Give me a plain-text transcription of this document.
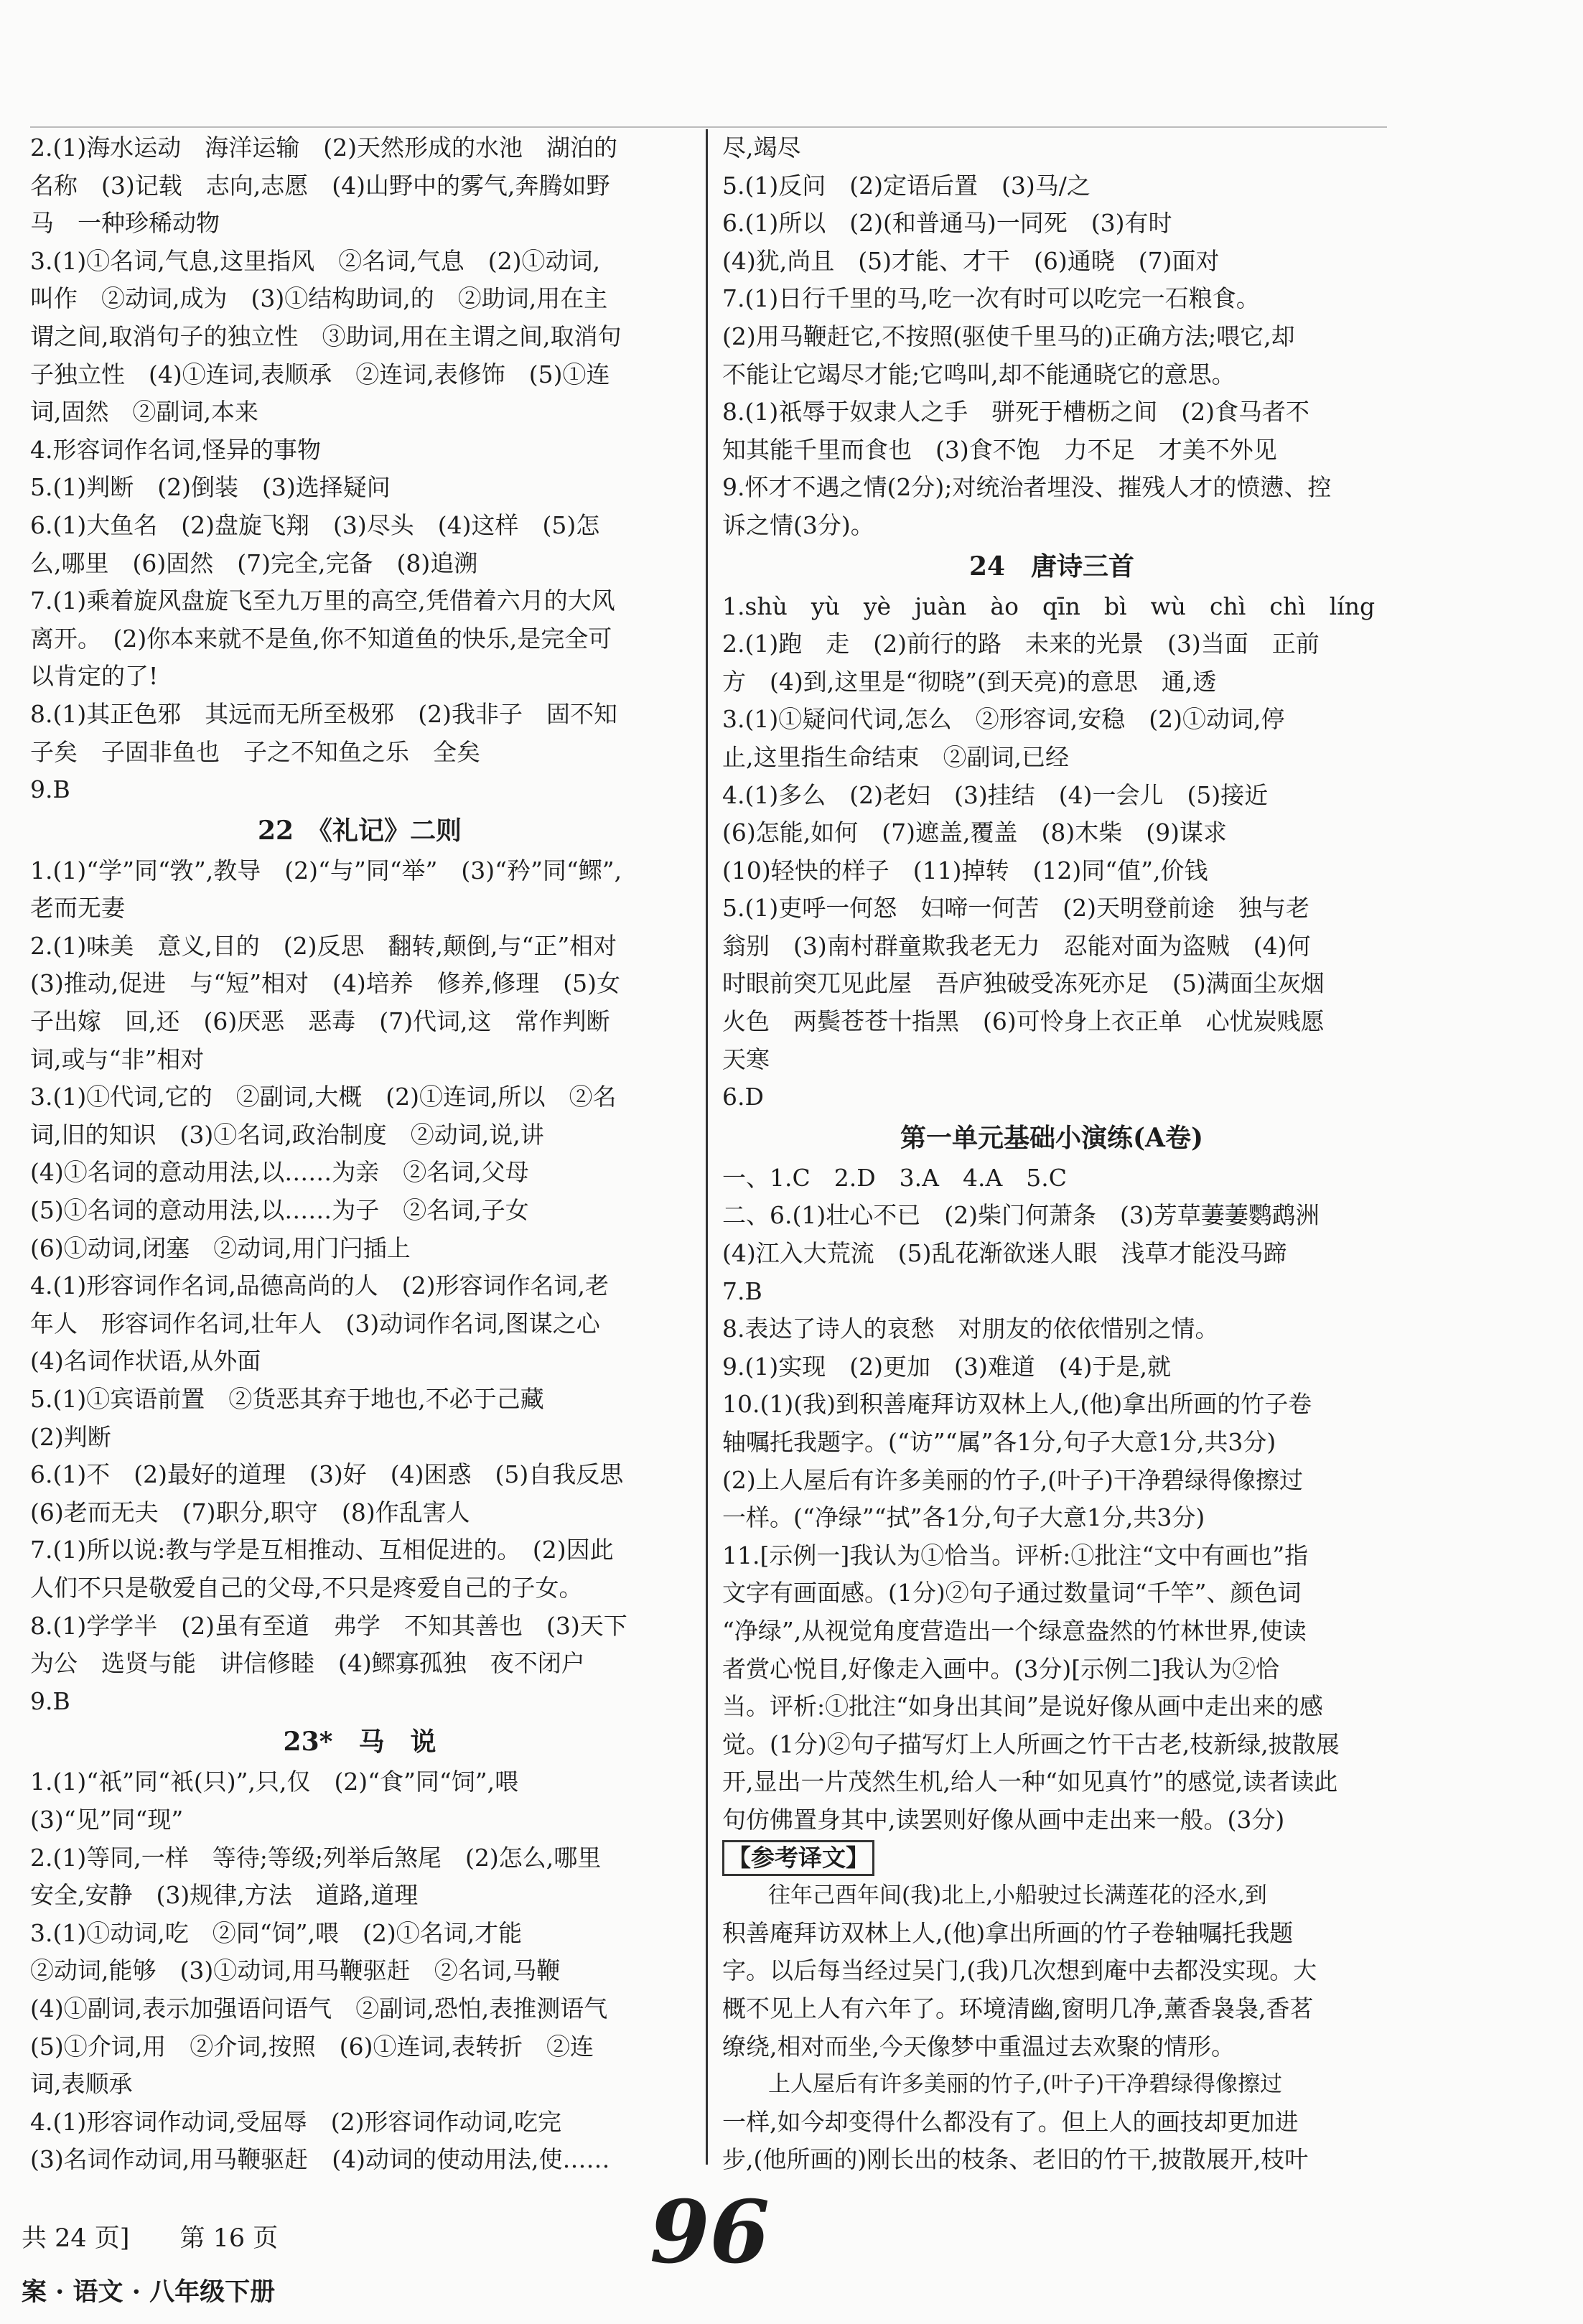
2.(1)海水运动　海洋运输　(2)天然形成的水池　湖泊的
名称　(3)记载　志向,志愿　(4)山野中的雾气,奔腾如野
马　一种珍稀动物
3.(1)①名词,气息,这里指风　②名词,气息　(2)①动词,
叫作　②动词,成为　(3)①结构助词,的　②助词,用在主
谓之间,取消句子的独立性　③助词,用在主谓之间,取消句
子独立性　(4)①连词,表顺承　②连词,表修饰　(5)①连
词,固然　②副词,本来
4.形容词作名词,怪异的事物
5.(1)判断　(2)倒装　(3)选择疑问
6.(1)大鱼名　(2)盘旋飞翔　(3)尽头　(4)这样　(5)怎
么,哪里　(6)固然　(7)完全,完备　(8)追溯
7.(1)乘着旋风盘旋飞至九万里的高空,凭借着六月的大风
离开。　(2)你本来就不是鱼,你不知道鱼的快乐,是完全可
以肯定的了!
8.(1)其正色邪　其远而无所至极邪　(2)我非子　固不知
子矣　子固非鱼也　子之不知鱼之乐　全矣
9.B
22　《礼记》二则
1.(1)“学”同“敩”,教导　(2)“与”同“举”　(3)“矜”同“鳏”,
老而无妻
2.(1)味美　意义,目的　(2)反思　翻转,颠倒,与“正”相对
(3)推动,促进　与“短”相对　(4)培养　修养,修理　(5)女
子出嫁　回,还　(6)厌恶　恶毒　(7)代词,这　常作判断
词,或与“非”相对
3.(1)①代词,它的　②副词,大概　(2)①连词,所以　②名
词,旧的知识　(3)①名词,政治制度　②动词,说,讲
(4)①名词的意动用法,以……为亲　②名词,父母
(5)①名词的意动用法,以……为子　②名词,子女
(6)①动词,闭塞　②动词,用门闩插上
4.(1)形容词作名词,品德高尚的人　(2)形容词作名词,老
年人　形容词作名词,壮年人　(3)动词作名词,图谋之心
(4)名词作状语,从外面
5.(1)①宾语前置　②货恶其弃于地也,不必于己藏
(2)判断
6.(1)不　(2)最好的道理　(3)好　(4)困惑　(5)自我反思
(6)老而无夫　(7)职分,职守　(8)作乱害人
7.(1)所以说:教与学是互相推动、互相促进的。　(2)因此
人们不只是敬爱自己的父母,不只是疼爱自己的子女。
8.(1)学学半　(2)虽有至道　弗学　不知其善也　(3)天下
为公　选贤与能　讲信修睦　(4)鳏寡孤独　夜不闭户
9.B
23*　马　说
1.(1)“祇”同“衹(只)”,只,仅　(2)“食”同“饲”,喂
(3)“见”同“现”
2.(1)等同,一样　等待;等级;列举后煞尾　(2)怎么,哪里
安全,安静　(3)规律,方法　道路,道理
3.(1)①动词,吃　②同“饲”,喂　(2)①名词,才能
②动词,能够　(3)①动词,用马鞭驱赶　②名词,马鞭
(4)①副词,表示加强语问语气　②副词,恐怕,表推测语气
(5)①介词,用　②介词,按照　(6)①连词,表转折　②连
词,表顺承
4.(1)形容词作动词,受屈辱　(2)形容词作动词,吃完
(3)名词作动词,用马鞭驱赶　(4)动词的使动用法,使……
尽,竭尽
5.(1)反问　(2)定语后置　(3)马/之
6.(1)所以　(2)(和普通马)一同死　(3)有时
(4)犹,尚且　(5)才能、才干　(6)通晓　(7)面对
7.(1)日行千里的马,吃一次有时可以吃完一石粮食。
(2)用马鞭赶它,不按照(驱使千里马的)正确方法;喂它,却
不能让它竭尽才能;它鸣叫,却不能通晓它的意思。
8.(1)祇辱于奴隶人之手　骈死于槽枥之间　(2)食马者不
知其能千里而食也　(3)食不饱　力不足　才美不外见
9.怀才不遇之情(2分);对统治者埋没、摧残人才的愤懑、控
诉之情(3分)。
24　唐诗三首
1.shù　yù　yè　juàn　ào　qīn　bì　wù　chì　chì　líng
2.(1)跑　走　(2)前行的路　未来的光景　(3)当面　正前
方　(4)到,这里是“彻晓”(到天亮)的意思　通,透
3.(1)①疑问代词,怎么　②形容词,安稳　(2)①动词,停
止,这里指生命结束　②副词,已经
4.(1)多么　(2)老妇　(3)挂结　(4)一会儿　(5)接近
(6)怎能,如何　(7)遮盖,覆盖　(8)木柴　(9)谋求
(10)轻快的样子　(11)掉转　(12)同“值”,价钱
5.(1)吏呼一何怒　妇啼一何苦　(2)天明登前途　独与老
翁别　(3)南村群童欺我老无力　忍能对面为盗贼　(4)何
时眼前突兀见此屋　吾庐独破受冻死亦足　(5)满面尘灰烟
火色　两鬓苍苍十指黑　(6)可怜身上衣正单　心忧炭贱愿
天寒
6.D
第一单元基础小演练(A卷)
一、1.C　2.D　3.A　4.A　5.C
二、6.(1)壮心不已　(2)柴门何萧条　(3)芳草萋萋鹦鹉洲
(4)江入大荒流　(5)乱花渐欲迷人眼　浅草才能没马蹄
7.B
8.表达了诗人的哀愁　对朋友的依依惜别之情。
9.(1)实现　(2)更加　(3)难道　(4)于是,就
10.(1)(我)到积善庵拜访双林上人,(他)拿出所画的竹子卷
轴嘱托我题字。(“访”“属”各1分,句子大意1分,共3分)
(2)上人屋后有许多美丽的竹子,(叶子)干净碧绿得像擦过
一样。(“净绿”“拭”各1分,句子大意1分,共3分)
11.[示例一]我认为①恰当。评析:①批注“文中有画也”指
文字有画面感。(1分)②句子通过数量词“千竿”、颜色词
“净绿”,从视觉角度营造出一个绿意盎然的竹林世界,使读
者赏心悦目,好像走入画中。(3分)[示例二]我认为②恰
当。评析:①批注“如身出其间”是说好像从画中走出来的感
觉。(1分)②句子描写灯上人所画之竹干古老,枝新绿,披散展
开,显出一片茂然生机,给人一种“如见真竹”的感觉,读者读此
句仿佛置身其中,读罢则好像从画中走出来一般。(3分)
【参考译文】
往年己酉年间(我)北上,小船驶过长满莲花的泾水,到
积善庵拜访双林上人,(他)拿出所画的竹子卷轴嘱托我题
字。以后每当经过吴门,(我)几次想到庵中去都没实现。大
概不见上人有六年了。环境清幽,窗明几净,薰香袅袅,香茗
缭绕,相对而坐,今天像梦中重温过去欢聚的情形。
上人屋后有许多美丽的竹子,(叶子)干净碧绿得像擦过
一样,如今却变得什么都没有了。但上人的画技却更加进
步,(他所画的)刚长出的枝条、老旧的竹干,披散展开,枝叶
共 24 页]　　第 16 页
案 · 语文 · 八年级下册
96
